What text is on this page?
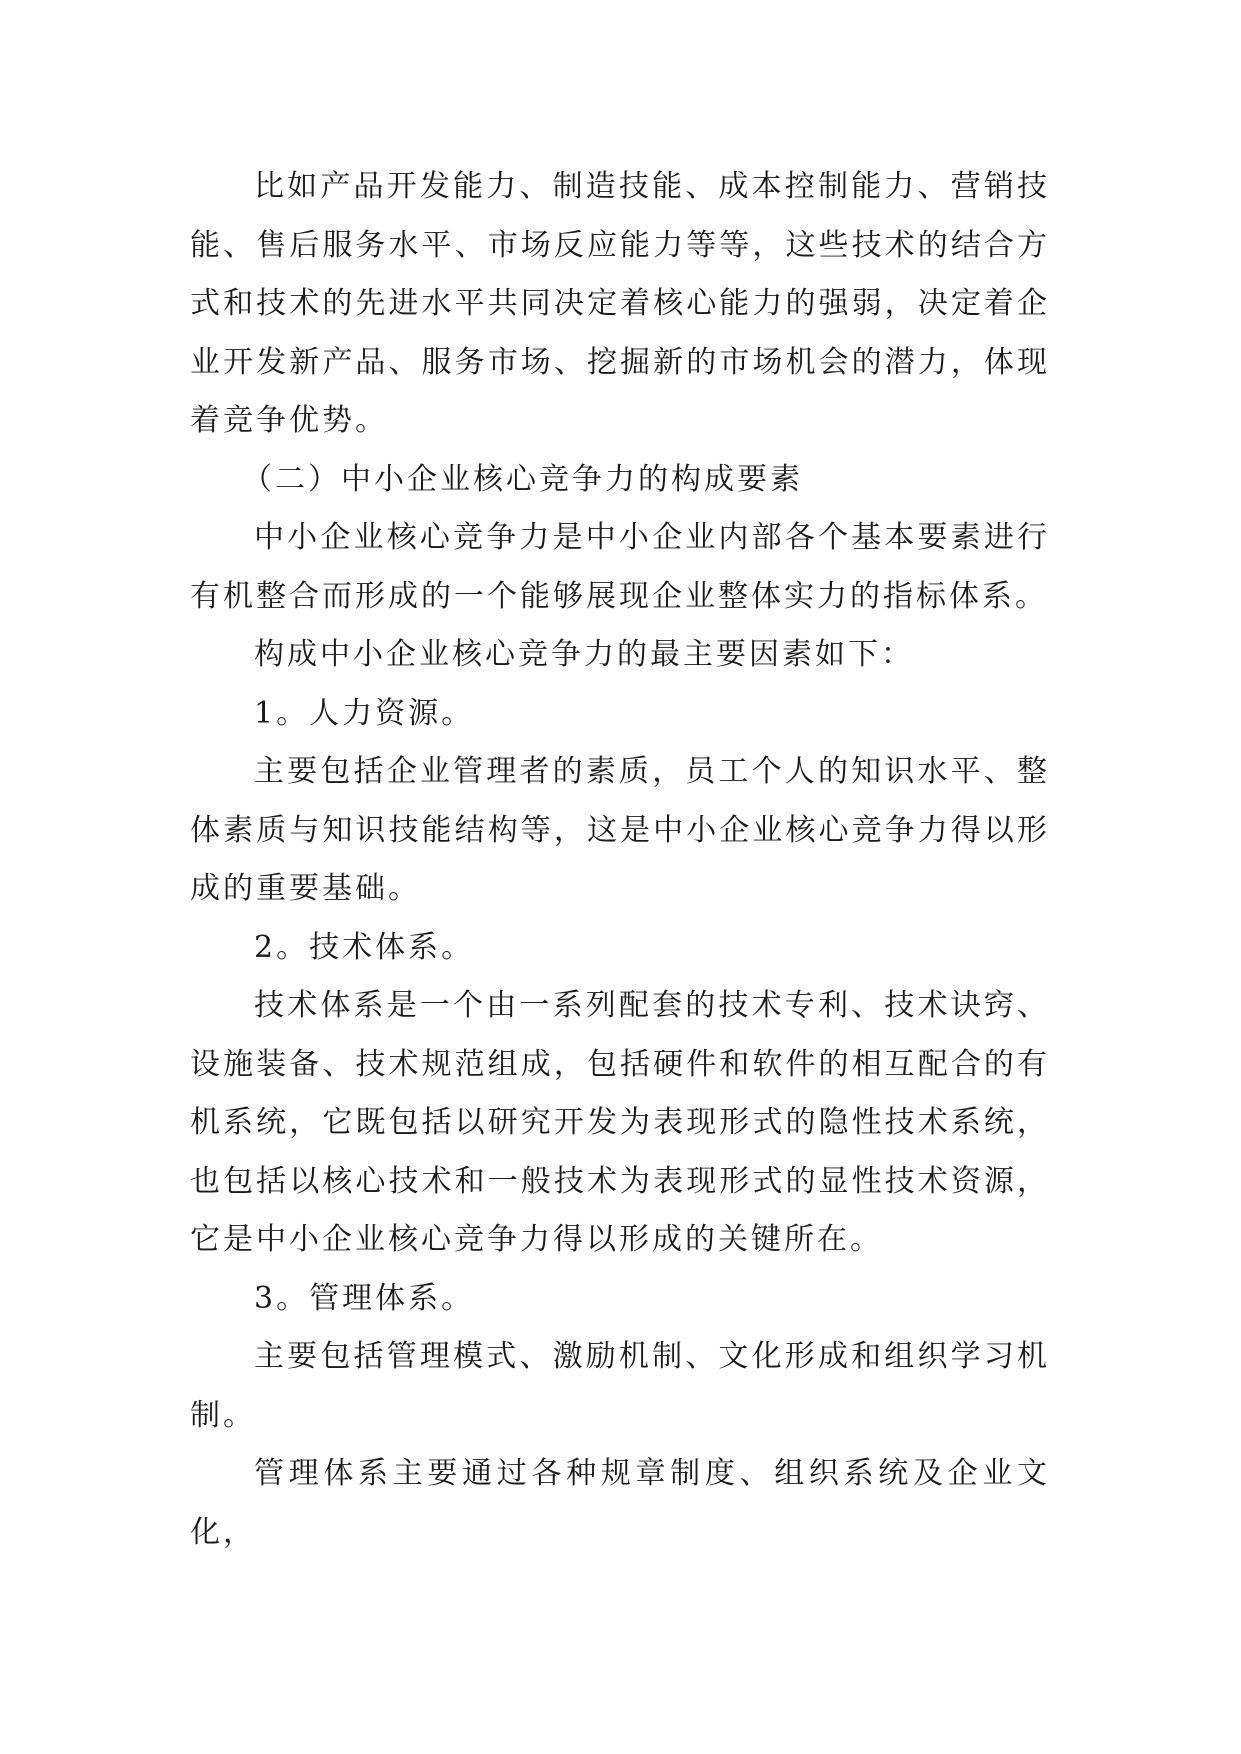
比如产品开发能力、制造技能、成本控制能力、营销技能、售后服务水平、市场反应能力等等，这些技术的结合方式和技术的先进水平共同决定着核心能力的强弱，决定着企业开发新产品、服务市场、挖掘新的市场机会的潜力，体现着竞争优势。

（二）中小企业核心竞争力的构成要素

中小企业核心竞争力是中小企业内部各个基本要素进行有机整合而形成的一个能够展现企业整体实力的指标体系。

构成中小企业核心竞争力的最主要因素如下：

1。人力资源。

主要包括企业管理者的素质，员工个人的知识水平、整体素质与知识技能结构等，这是中小企业核心竞争力得以形成的重要基础。

2。技术体系。

技术体系是一个由一系列配套的技术专利、技术诀窍、设施装备、技术规范组成，包括硬件和软件的相互配合的有机系统，它既包括以研究开发为表现形式的隐性技术系统，也包括以核心技术和一般技术为表现形式的显性技术资源，它是中小企业核心竞争力得以形成的关键所在。

3。管理体系。

主要包括管理模式、激励机制、文化形成和组织学习机制。

管理体系主要通过各种规章制度、组织系统及企业文化，
